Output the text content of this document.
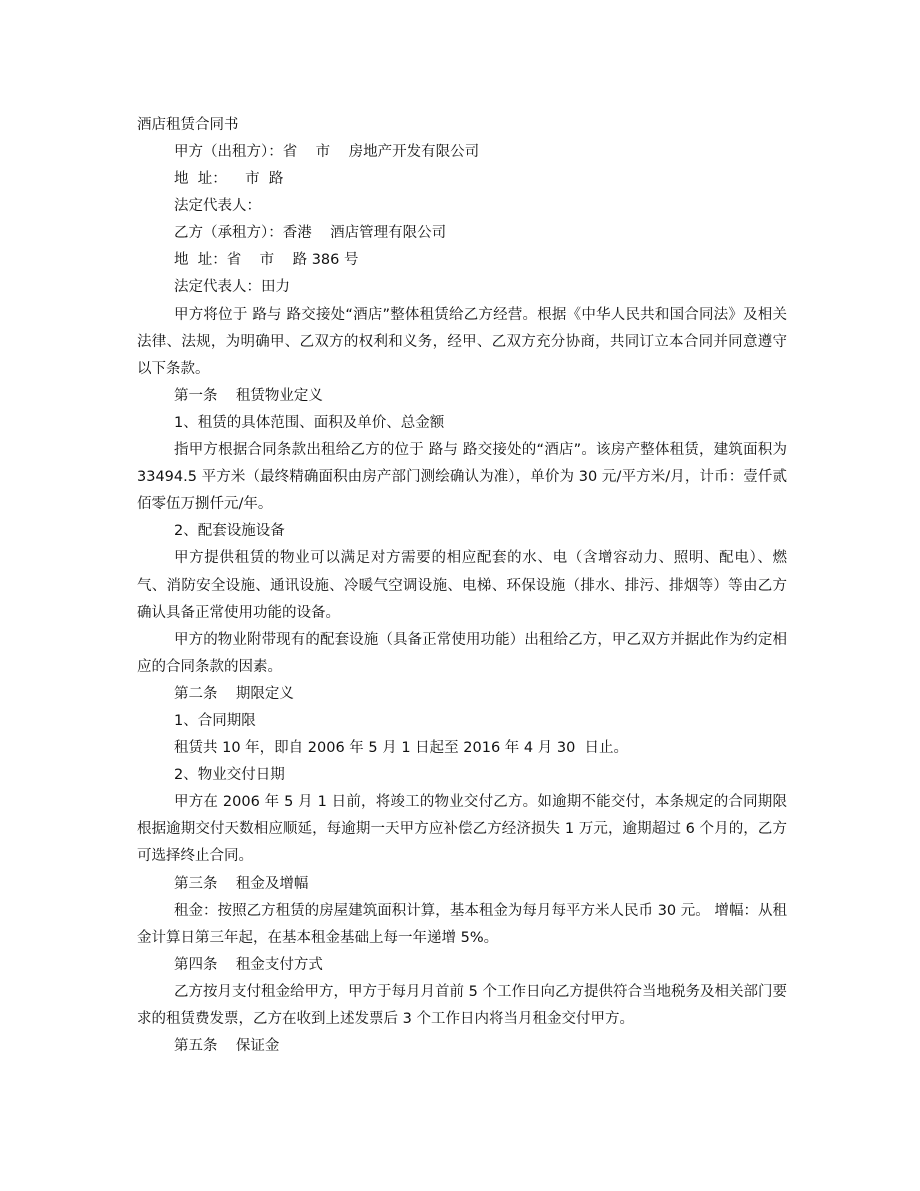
酒店租赁合同书
甲方（出租方）：省    市    房地产开发有限公司
地  址：    市  路
法定代表人：
乙方（承租方）：香港    酒店管理有限公司
地  址：省    市    路 386 号
法定代表人：田力

甲方将位于 路与 路交接处“酒店”整体租赁给乙方经营。根据《中华人民共和国合同法》及相关法律、法规，为明确甲、乙双方的权利和义务，经甲、乙双方充分协商，共同订立本合同并同意遵守以下条款。

第一条    租赁物业定义
1、租赁的具体范围、面积及单价、总金额

指甲方根据合同条款出租给乙方的位于 路与 路交接处的“酒店”。该房产整体租赁，建筑面积为 33494.5 平方米（最终精确面积由房产部门测绘确认为准），单价为 30 元/平方米/月，计币：壹仟贰佰零伍万捌仟元/年。

2、配套设施设备

甲方提供租赁的物业可以满足对方需要的相应配套的水、电（含增容动力、照明、配电）、燃气、消防安全设施、通讯设施、冷暖气空调设施、电梯、环保设施（排水、排污、排烟等）等由乙方确认具备正常使用功能的设备。

甲方的物业附带现有的配套设施（具备正常使用功能）出租给乙方，甲乙双方并据此作为约定相应的合同条款的因素。

第二条    期限定义
1、合同期限
租赁共 10 年，即自 2006 年 5 月 1 日起至 2016 年 4 月 30  日止。
2、物业交付日期

甲方在 2006 年 5 月 1 日前，将竣工的物业交付乙方。如逾期不能交付，本条规定的合同期限根据逾期交付天数相应顺延，每逾期一天甲方应补偿乙方经济损失 1 万元，逾期超过 6 个月的，乙方可选择终止合同。

第三条    租金及增幅

租金：按照乙方租赁的房屋建筑面积计算，基本租金为每月每平方米人民币 30 元。 增幅：从租金计算日第三年起，在基本租金基础上每一年递增 5%。

第四条    租金支付方式

乙方按月支付租金给甲方，甲方于每月月首前 5 个工作日向乙方提供符合当地税务及相关部门要求的租赁费发票，乙方在收到上述发票后 3 个工作日内将当月租金交付甲方。

第五条    保证金
